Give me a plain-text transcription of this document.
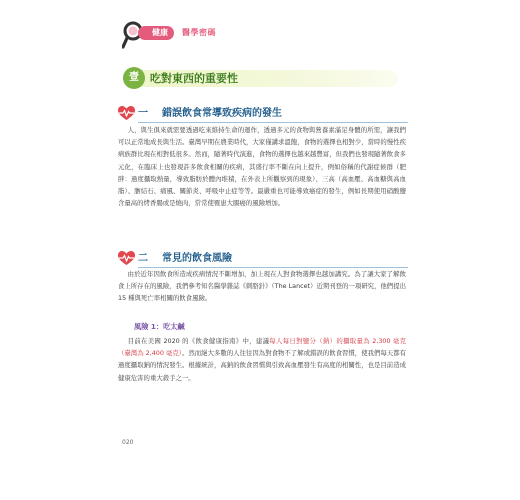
健康	醫學密碼
壹	吃對東西的重要性
一 錯誤飲食常導致疾病的發生

人，與生俱來就需要透過吃來維持生命的運作，透過多元的食物與營養素滿足身體的所需，讓我們可以正常地成長與生活。臺灣早期在農業時代，大家僅講求溫飽，食物的選擇也相對少，當時的慢性疾病族群比現在相對低很多。然而，隨著時代演進，食物的選擇也越來越豐富，但我們也發現隨著飲食多元化，在臨床上也發現許多飲食相關的疾病，其盛行率不斷在向上提升，例如俗稱的代謝症候群（肥胖：過度攝取熱量，導致脂肪於體內堆積，在外表上所觀察到的現象）、三高（高血壓、高血糖與高血脂）、膽結石、痛風、關節炎、呼吸中止症等等。最嚴重也可能導致癌症的發生，例如長期使用硝酸鹽含量高的烤香腸或是燒肉，常常使罹患大腸癌的風險增加。

二 常見的飲食風險

由於近年因飲食所造成疾病情況不斷增加，加上現在人對食物選擇也越加講究。為了讓大家了解飲食上所存在的風險，我們參考知名醫學雜誌《刺胳針》（The Lancet）近期刊登的一項研究，他們提出 15 種與死亡率相關的飲食風險。

風險 1：吃太鹹

目前在美國 2020 的《飲食健康指南》中，建議每人每日對鹽分（鈉）的攝取量為 2,300 毫克（臺灣為 2,400 毫克）。然而絕大多數的人往往因為對食物不了解或錯誤的飲食習慣，使我們每天都有過度攝取鈉的情況發生。根據統計，高鈉的飲食習慣與引致高血壓發生有高度的相關性，也是目前造成健康危害的重大殺手之一。

020
